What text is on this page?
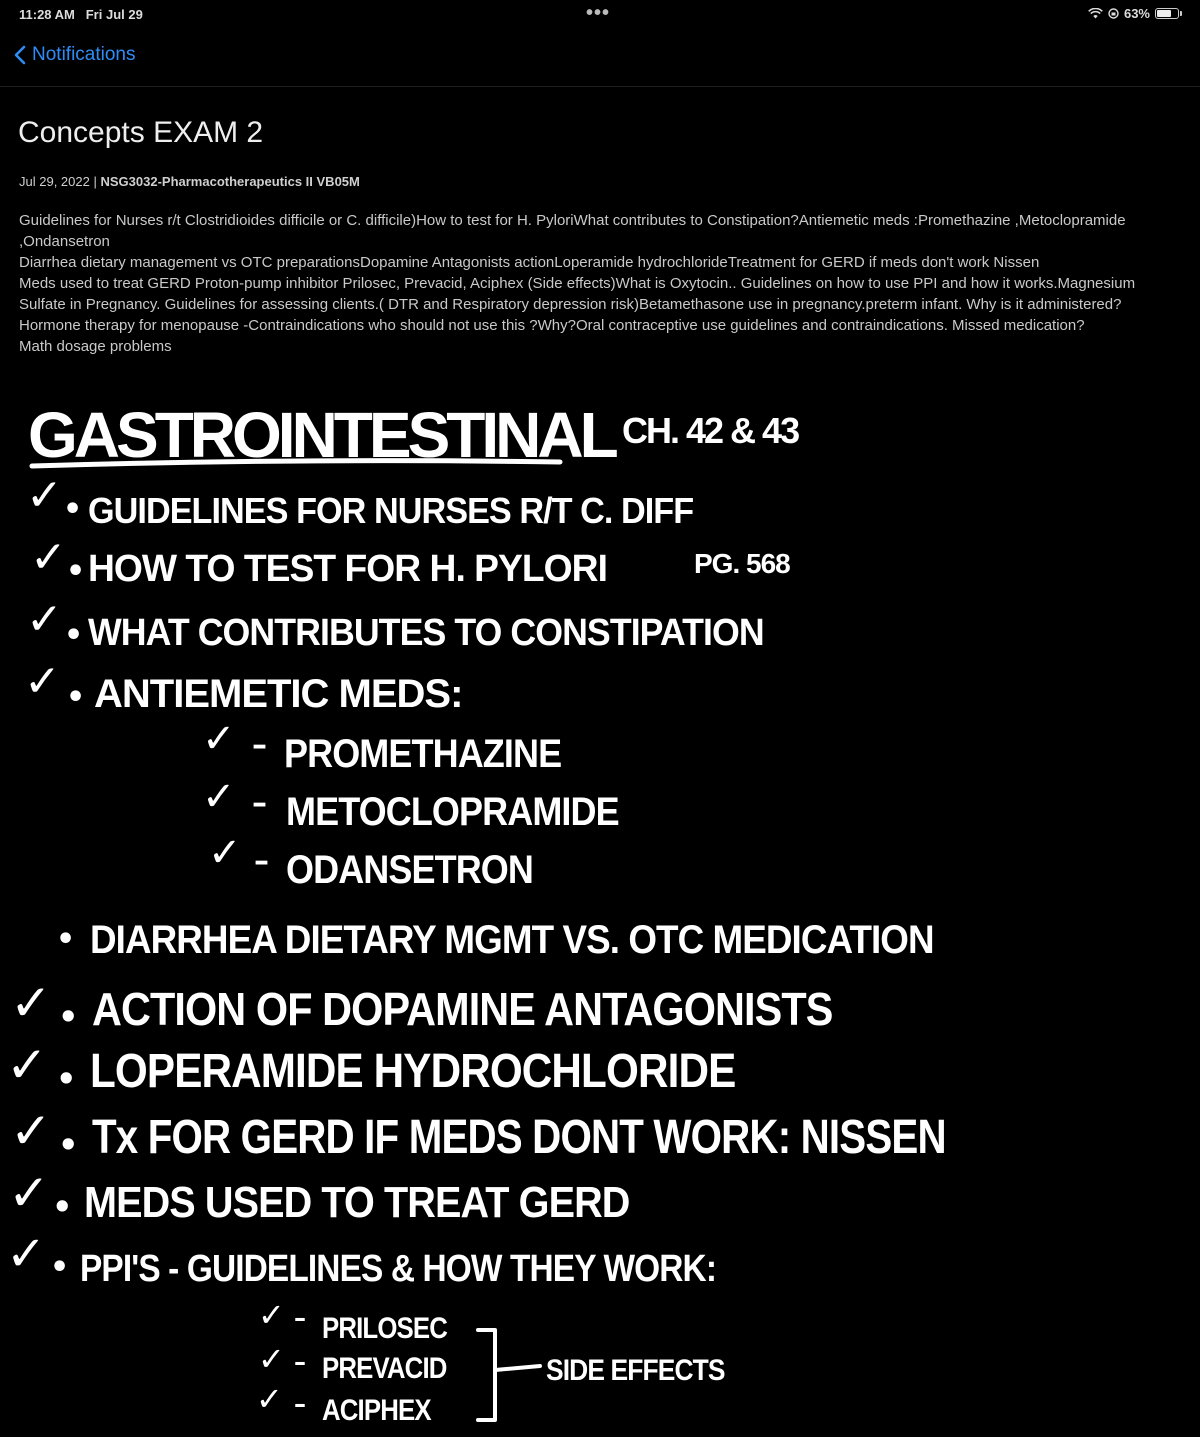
11:28 AM Fri Jul 29	•••	63%
Notifications
Concepts EXAM 2
Jul 29, 2022 | NSG3032-Pharmacotherapeutics II VB05M

Guidelines for Nurses r/t Clostridioides difficile or C. difficile)How to test for H. PyloriWhat contributes to Constipation?Antiemetic meds :Promethazine ,Metoclopramide ,Ondansetron

Diarrhea dietary management vs OTC preparationsDopamine Antagonists actionLoperamide hydrochlorideTreatment for GERD if meds don't work Nissen

Meds used to treat GERD Proton-pump inhibitor Prilosec, Prevacid, Aciphex (Side effects)What is Oxytocin.. Guidelines on how to use PPI and how it works.Magnesium Sulfate in Pregnancy. Guidelines for assessing clients.( DTR and Respiratory depression risk)Betamethasone use in pregnancy.preterm infant. Why is it administered?Hormone therapy for menopause -Contraindications who should not use this ?Why?Oral contraceptive use guidelines and contraindications. Missed medication?

Math dosage problems

GASTROINTESTINAL CH. 42 & 43
✓ • GUIDELINES FOR NURSES R/T C. DIFF
✓ • HOW TO TEST FOR H. PYLORI	PG. 568
✓ • WHAT CONTRIBUTES TO CONSTIPATION
✓ • ANTIEMETIC MEDS:
✓ – PROMETHAZINE
✓ – METOCLOPRAMIDE
✓ – ODANSETRON
• DIARRHEA DIETARY MGMT VS. OTC MEDICATION
✓ • ACTION OF DOPAMINE ANTAGONISTS
✓ • LOPERAMIDE HYDROCHLORIDE
✓ • Tx FOR GERD IF MEDS DONT WORK: NISSEN
✓ • MEDS USED TO TREAT GERD
✓ • PPI'S - GUIDELINES & HOW THEY WORK:
✓ – PRILOSEC
✓ – PREVACID
✓ – ACIPHEX
SIDE EFFECTS
